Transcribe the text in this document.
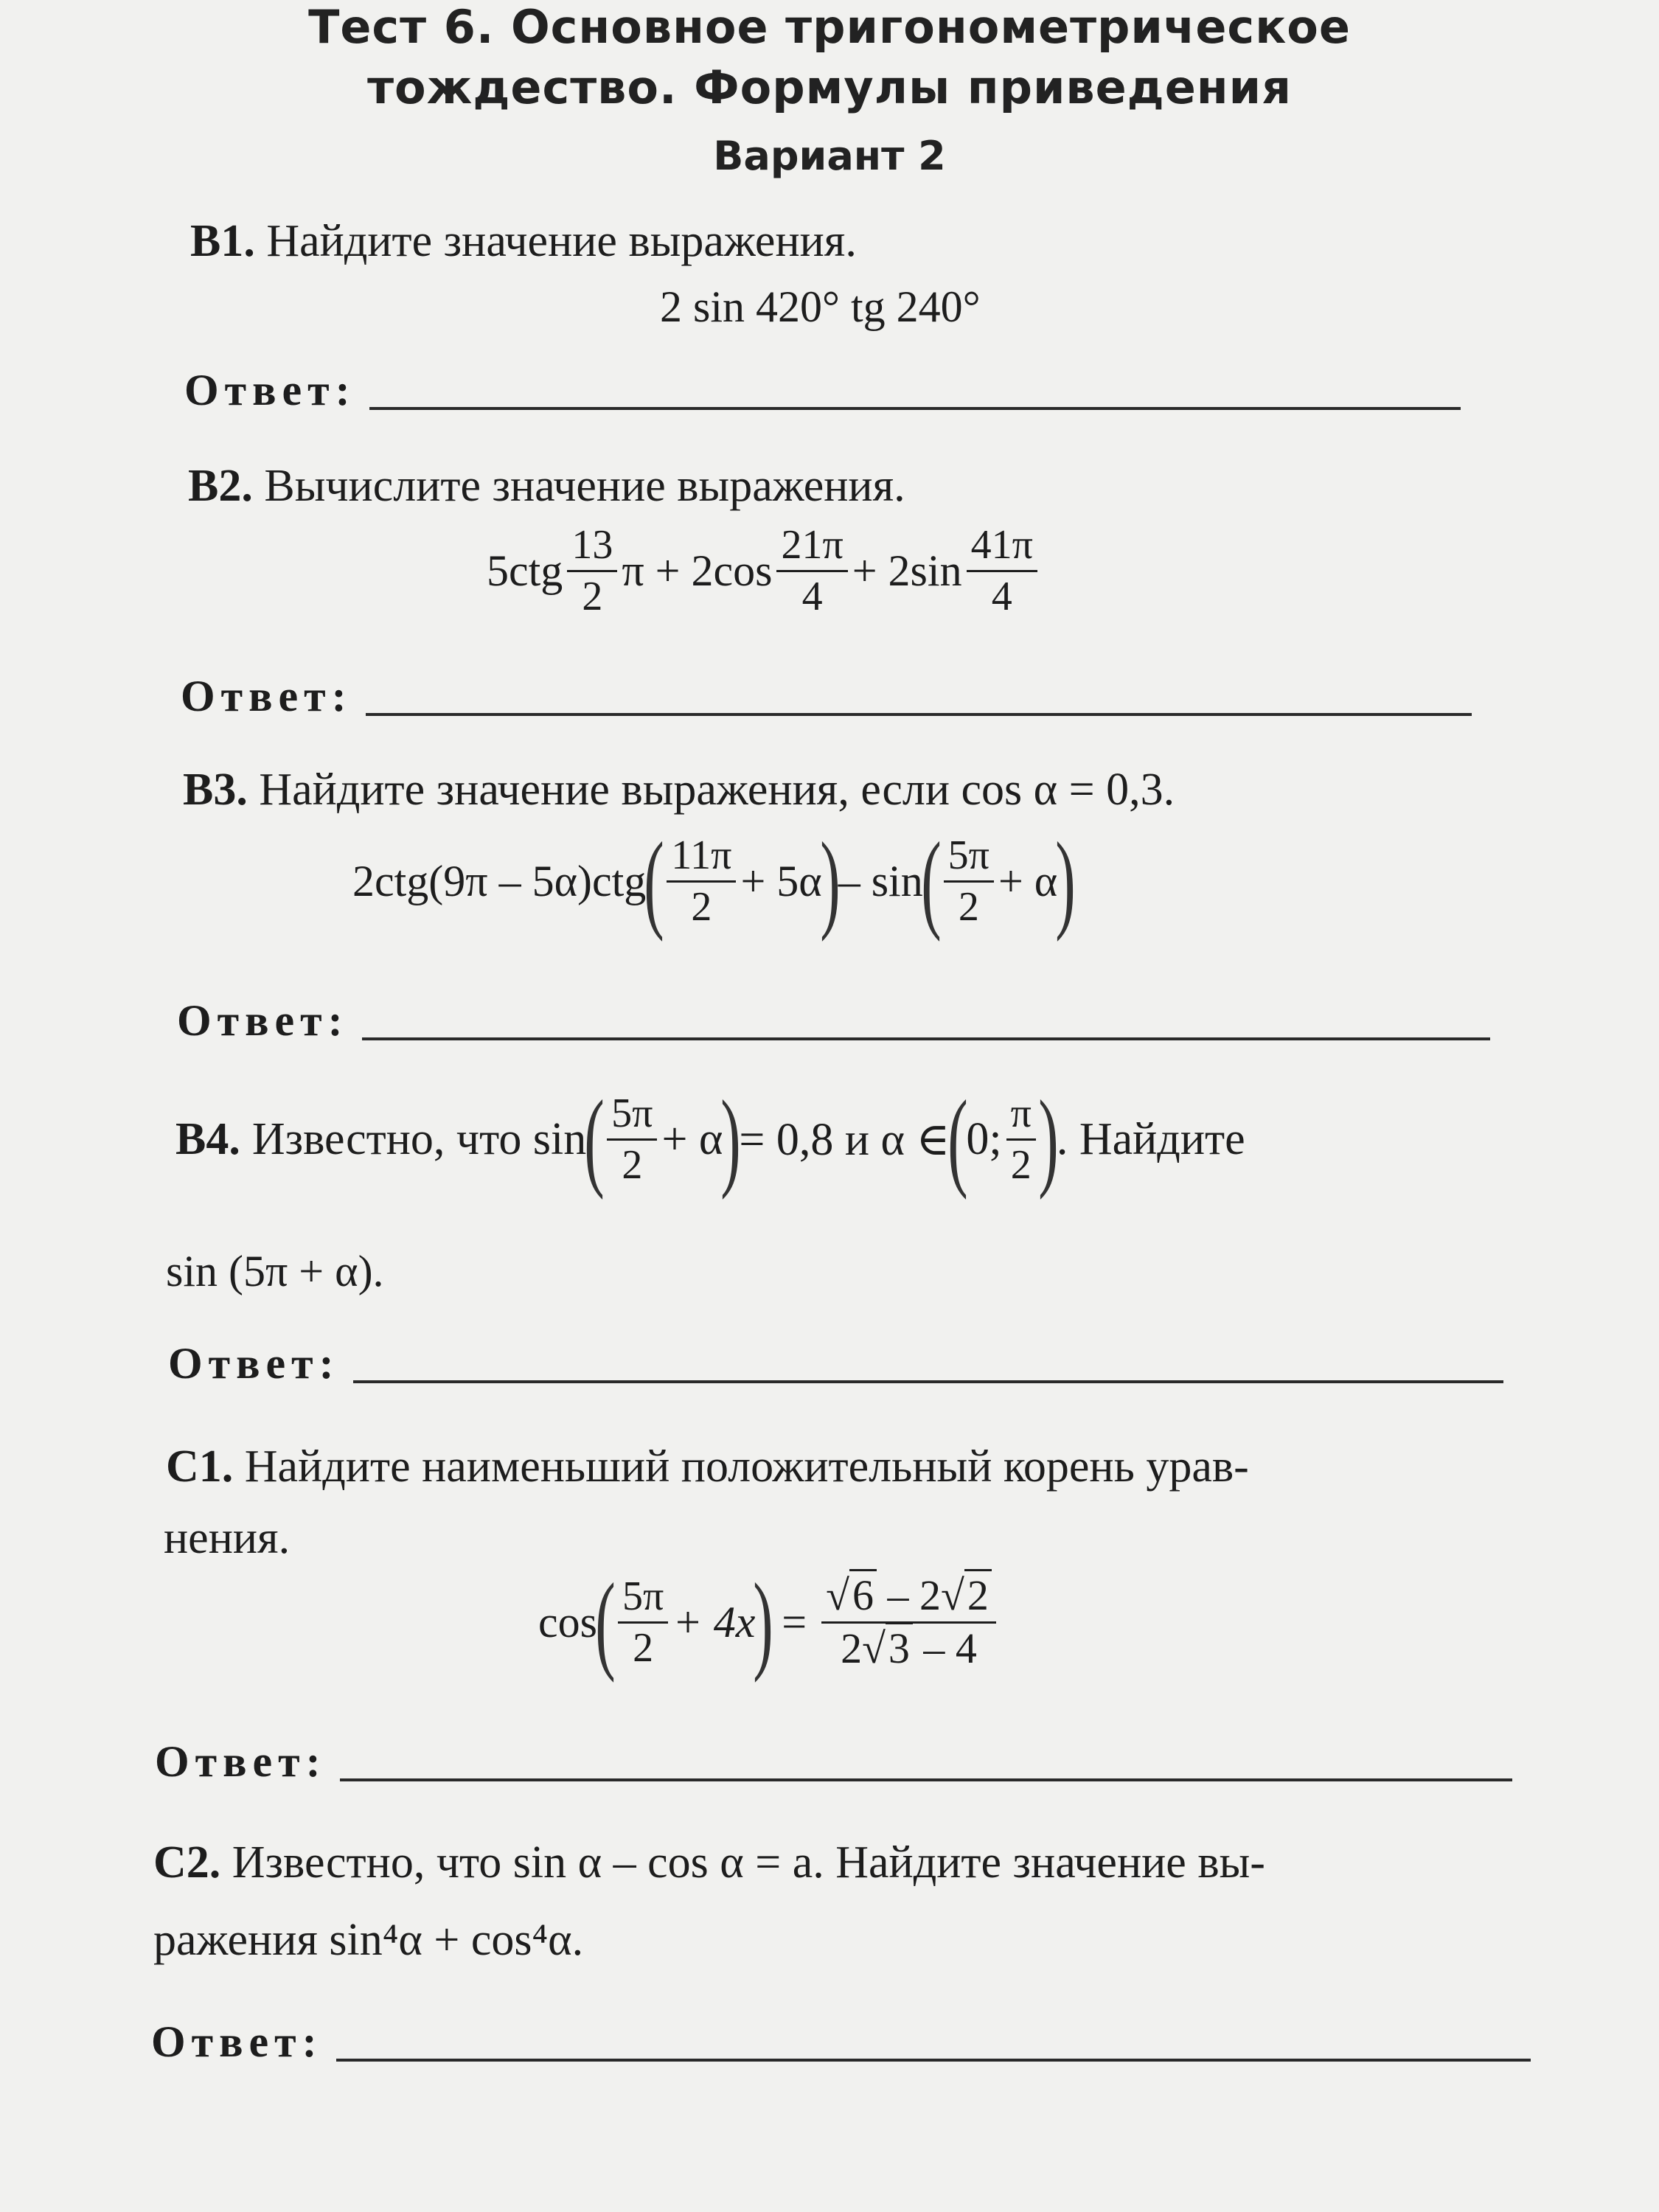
Тест 6. Основное тригонометрическое
тождество. Формулы приведения
Вариант 2
В1. Найдите значение выражения.
2 sin 420° tg 240°
Ответ:
В2. Вычислите значение выражения.
$5ctg \frac{13}{2}$ $\pi + 2\cos \frac{21\pi}{4} + 2\sin \frac{41\pi}{4}$
Ответ:
В3. Найдите значение выражения, если cos α = 0,3.
2ctg(9π – 5α)ctg
( $\frac{11\pi}{2} + 5\alpha$
)
– sin
( $\frac{5\pi}{2} + \alpha$
)
Ответ:
В4. Известно, что sin
( $\frac{5\pi}{2} + \alpha$
)
= 0,8 и α ∈
(
0; $\frac{\pi}{2}$ )
. Найдите
sin (5π + α).
Ответ:
С1. Найдите наименьший положительный корень урав-
нения.
cos
( $\frac{5\pi}{2} + 4x$
) = $\frac{√6 - 2√2}{2√3 - 4}$
Ответ:
С2. Известно, что sin α – cos α = a. Найдите значение вы-
ражения sin⁴α + cos⁴α.
Ответ:
